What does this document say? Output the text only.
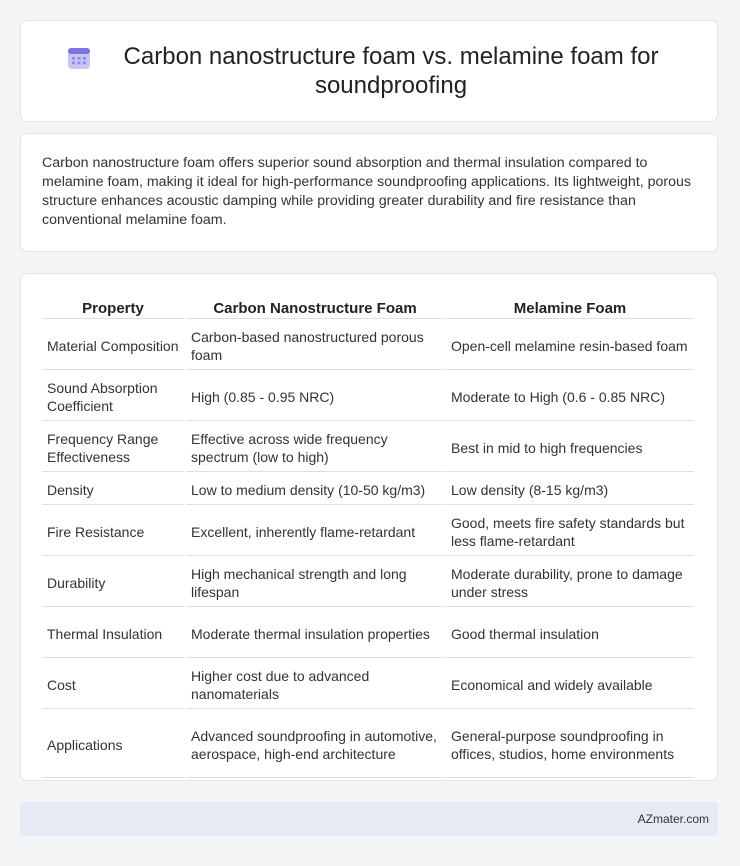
Carbon nanostructure foam vs. melamine foam for soundproofing

Carbon nanostructure foam offers superior sound absorption and thermal insulation compared to melamine foam, making it ideal for high-performance soundproofing applications. Its lightweight, porous structure enhances acoustic damping while providing greater durability and fire resistance than conventional melamine foam.

Property	Carbon Nanostructure Foam	Melamine Foam
Material Composition	Carbon-based nanostructured porous foam	Open-cell melamine resin-based foam
Sound Absorption Coefficient	High (0.85 - 0.95 NRC)	Moderate to High (0.6 - 0.85 NRC)
Frequency Range Effectiveness	Effective across wide frequency spectrum (low to high)	Best in mid to high frequencies
Density	Low to medium density (10-50 kg/m3)	Low density (8-15 kg/m3)
Fire Resistance	Excellent, inherently flame-retardant	Good, meets fire safety standards but less flame-retardant
Durability	High mechanical strength and long lifespan	Moderate durability, prone to damage under stress
Thermal Insulation	Moderate thermal insulation properties	Good thermal insulation
Cost	Higher cost due to advanced nanomaterials	Economical and widely available
Applications	Advanced soundproofing in automotive, aerospace, high-end architecture	General-purpose soundproofing in offices, studios, home environments
AZmater.com
